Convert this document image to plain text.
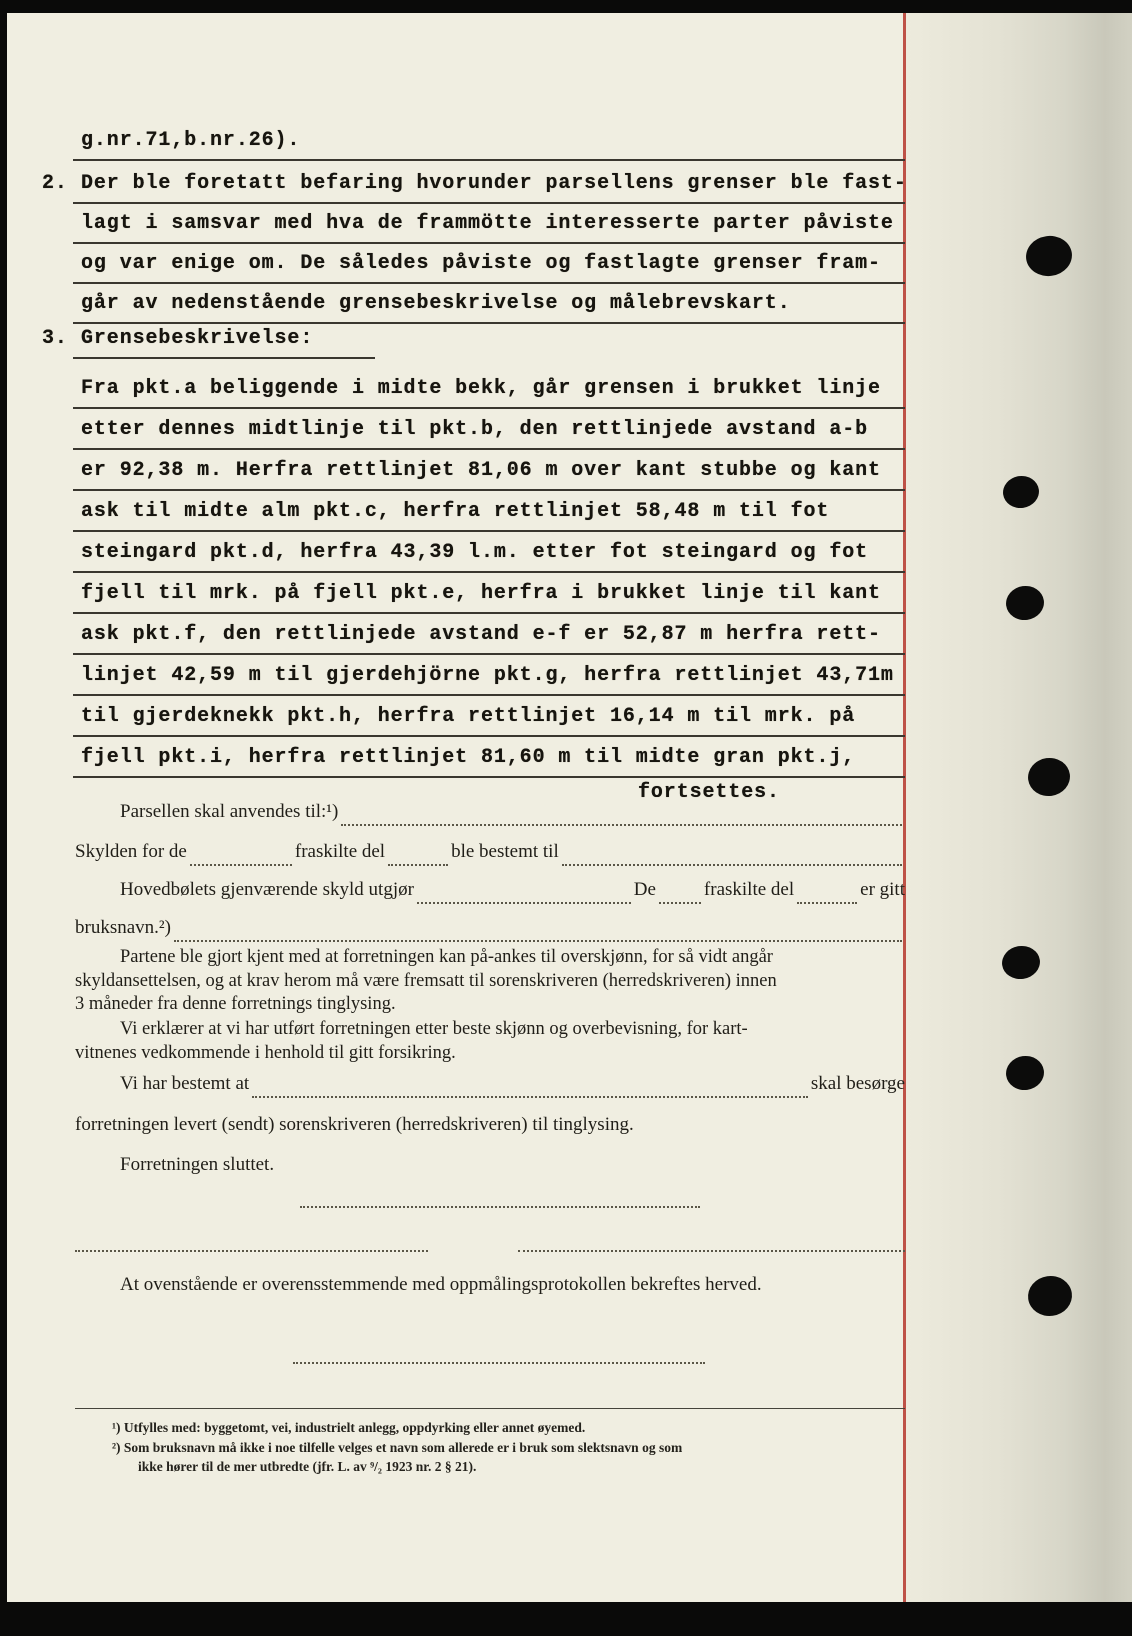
g.nr.71,b.nr.26).
2. Der ble foretatt befaring hvorunder parsellens grenser ble fast-
lagt i samsvar med hva de frammötte interesserte parter påviste
og var enige om. De således påviste og fastlagte grenser fram-
går av nedenstående grensebeskrivelse og målebrevskart.
3. Grensebeskrivelse:
Fra pkt.a beliggende i midte bekk, går grensen i brukket linje
etter dennes midtlinje til pkt.b, den rettlinjede avstand a-b
er 92,38 m. Herfra rettlinjet 81,06 m over kant stubbe og kant
ask til midte alm pkt.c, herfra rettlinjet 58,48 m til fot
steingard pkt.d, herfra 43,39 l.m. etter fot steingard og fot
fjell til mrk. på fjell pkt.e, herfra i brukket linje til kant
ask pkt.f, den rettlinjede avstand e-f er 52,87 m herfra rett-
linjet 42,59 m til gjerdehjörne pkt.g, herfra rettlinjet 43,71m
til gjerdeknekk pkt.h, herfra rettlinjet 16,14 m til mrk. på
fjell pkt.i, herfra rettlinjet 81,60 m til midte gran pkt.j,
fortsettes.
Parsellen skal anvendes til:¹)
Skylden for de	fraskilte del	ble bestemt til
Hovedbølets gjenværende skyld utgjør	De	fraskilte del	er gitt
bruksnavn.²)
Partene ble gjort kjent med at forretningen kan på-ankes til overskjønn, for så vidt angår
skyldansettelsen, og at krav herom må være fremsatt til sorenskriveren (herredskriveren) innen
3 måneder fra denne forretnings tinglysing.
Vi erklærer at vi har utført forretningen etter beste skjønn og overbevisning, for kart-
vitnenes vedkommende i henhold til gitt forsikring.
Vi har bestemt at	skal besørge
forretningen levert (sendt) sorenskriveren (herredskriveren) til tinglysing.
Forretningen sluttet.
At ovenstående er overensstemmende med oppmålingsprotokollen bekreftes herved.
¹) Utfylles med: byggetomt, vei, industrielt anlegg, oppdyrking eller annet øyemed.
²) Som bruksnavn må ikke i noe tilfelle velges et navn som allerede er i bruk som slektsnavn og som
ikke hører til de mer utbredte (jfr. L. av ⁹/₂ 1923 nr. 2 § 21).
